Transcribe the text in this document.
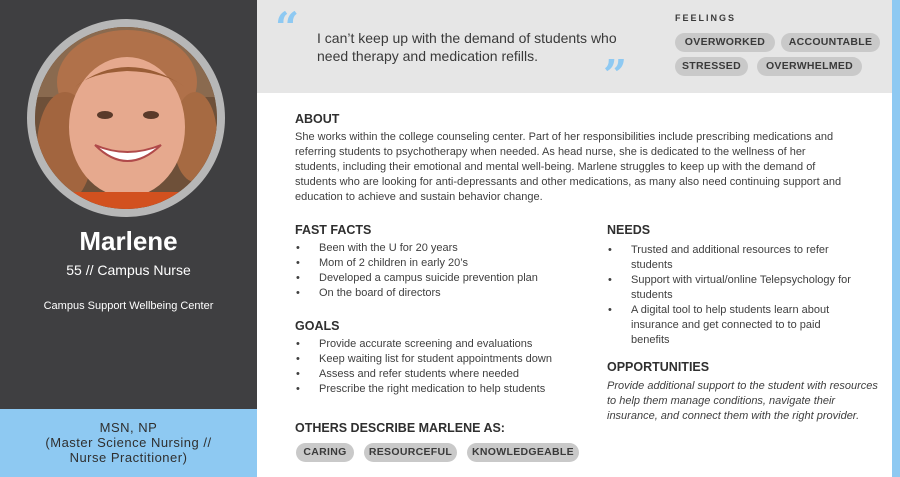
Marlene
55 // Campus Nurse
Campus Support Wellbeing Center
MSN, NP
(Master Science Nursing //
Nurse Practitioner)
“ I can’t keep up with the demand of students who need therapy and medication refills.	”
FEELINGS
OVERWORKED	ACCOUNTABLE
STRESSED	OVERWHELMED
ABOUT
She works within the college counseling center. Part of her responsibilities include prescribing medications and referring students to psychotherapy when needed. As head nurse, she is dedicated to the wellness of her students, including their emotional and mental well-being. Marlene struggles to keep up with the demand of students who are looking for anti-depressants and other medications, as many also need continuing support and education to achieve and sustain behavior change.
FAST FACTS
• Been with the U for 20 years
• Mom of 2 children in early 20’s
• Developed a campus suicide prevention plan
• On the board of directors
GOALS
• Provide accurate screening and evaluations
• Keep waiting list for student appointments down
• Assess and refer students where needed
• Prescribe the right medication to help students
OTHERS DESCRIBE MARLENE AS:
CARING	RESOURCEFUL	KNOWLEDGEABLE
NEEDS
• Trusted and additional resources to refer students
• Support with virtual/online Telepsychology for students
• A digital tool to help students learn about insurance and get connected to to paid benefits
OPPORTUNITIES
Provide additional support to the student with resources to help them manage conditions, navigate their insurance, and connect them with the right provider.
